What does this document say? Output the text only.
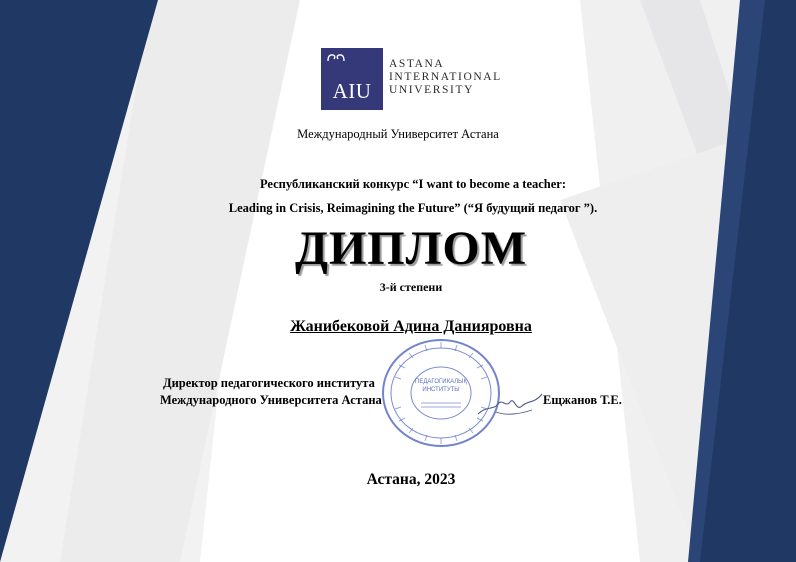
AIU
ASTANA
INTERNATIONAL
UNIVERSITY
Международный Университет Астана
Республиканский конкурс “I want to become a teacher:
Leading in Crisis, Reimagining the Future” (“Я будущий педагог ”).
ДИПЛОМ
3-й степени
Жанибековой Адина Данияровна
ПЕДАГОГИКАЛЫҚ
ИНСТИТУТЫ
Директор педагогического института
Международного Университета Астана	Ещжанов Т.Е.
Астана, 2023
